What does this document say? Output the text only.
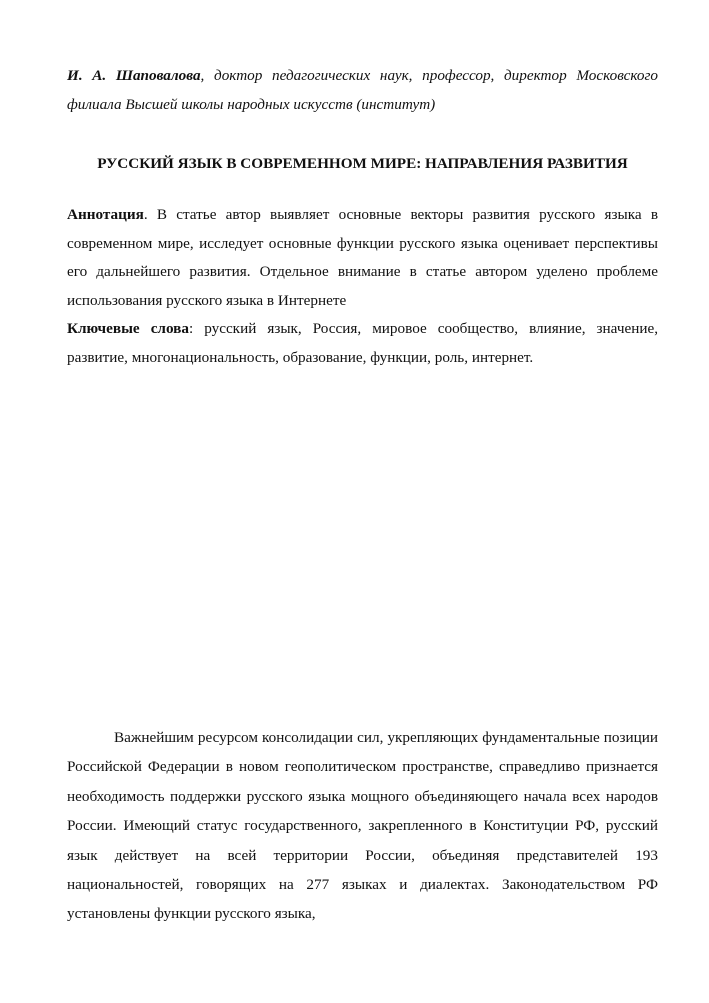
И. А. Шаповалова, доктор педагогических наук, профессор, директор Московского филиала Высшей школы народных искусств (институт)
РУССКИЙ ЯЗЫК В СОВРЕМЕННОМ МИРЕ: НАПРАВЛЕНИЯ РАЗВИТИЯ
Аннотация. В статье автор выявляет основные векторы развития русского языка в современном мире, исследует основные функции русского языка оценивает перспективы его дальнейшего развития. Отдельное внимание в статье автором уделено проблеме использования русского языка в Интернете
Ключевые слова: русский язык, Россия, мировое сообщество, влияние, значение, развитие, многонациональность, образование, функции, роль, интернет.
Важнейшим ресурсом консолидации сил, укрепляющих фундаментальные позиции Российской Федерации в новом геополитическом пространстве, справедливо признается необходимость поддержки русского языка мощного объединяющего начала всех народов России. Имеющий статус государственного, закрепленного в Конституции РФ, русский язык действует на всей территории России, объединяя представителей 193 национальностей, говорящих на 277 языках и диалектах. Законодательством РФ установлены функции русского языка,
